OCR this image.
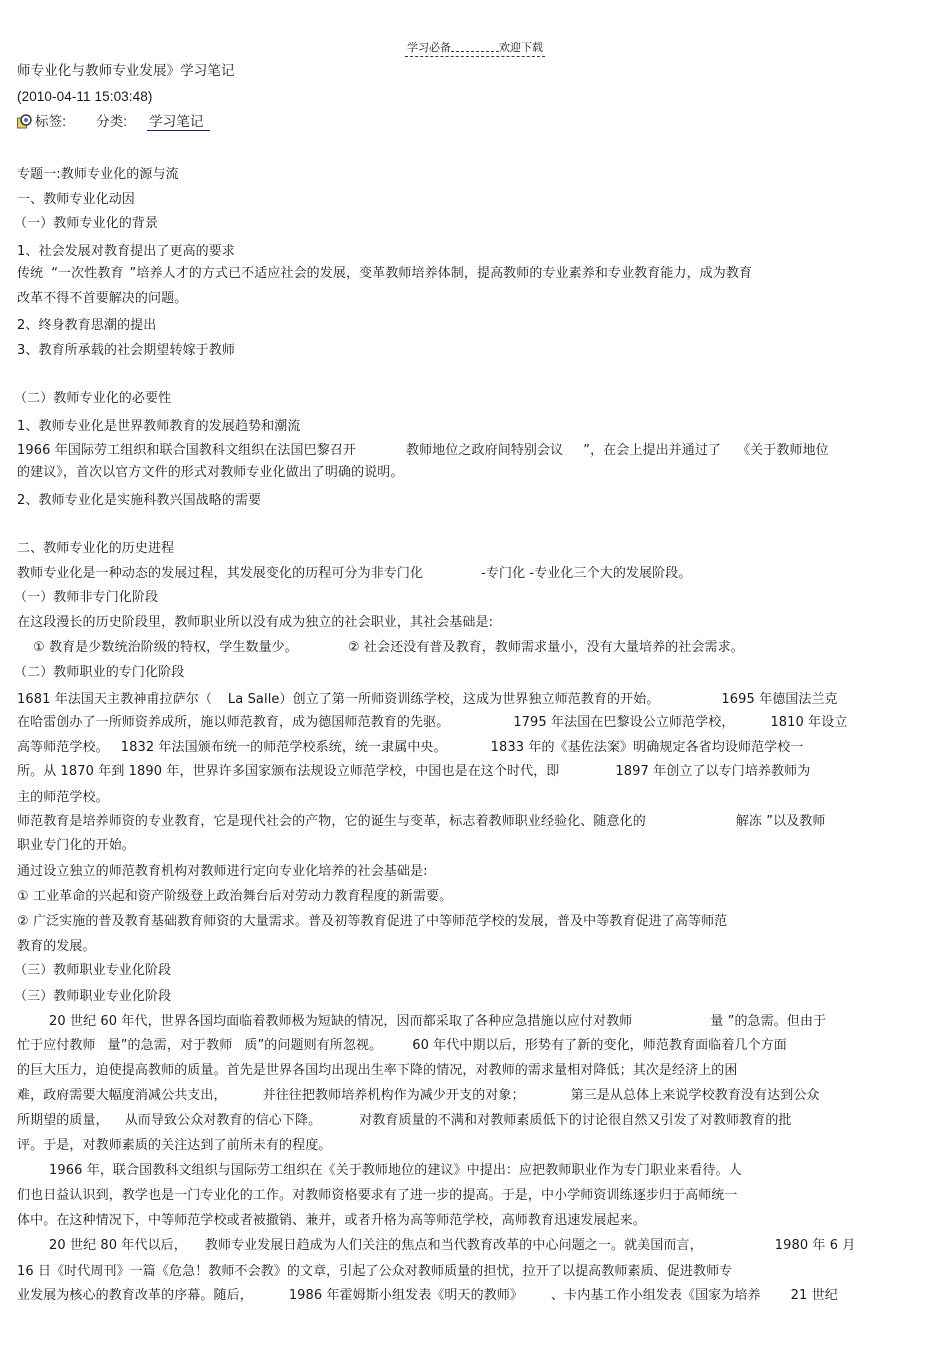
学习必备	欢迎下载
师专业化与教师专业发展》学习笔记
(2010-04-11 15:03:48)
标签: 分类: 学习笔记
专题一:教师专业化的源与流
一、教师专业化动因
（一）教师专业化的背景
1、社会发展对教育提出了更高的要求
传统 “一次性教育 ”培养人才的方式已不适应社会的发展，变革教师培养体制，提高教师的专业素养和专业教育能力，成为教育
改革不得不首要解决的问题。
2、终身教育思潮的提出
3、教育所承载的社会期望转嫁于教师
（二）教师专业化的必要性
1、教师专业化是世界教师教育的发展趋势和潮流
1966 年国际劳工组织和联合国教科文组织在法国巴黎召开	教师地位之政府间特别会议 ”，在会上提出并通过了 《关于教师地位
的建议》，首次以官方文件的形式对教师专业化做出了明确的说明。
2、教师专业化是实施科教兴国战略的需要
二、教师专业化的历史进程
教师专业化是一种动态的发展过程，其发展变化的历程可分为非专门化	-专门化 -专业化三个大的发展阶段。
（一）教师非专门化阶段
在这段漫长的历史阶段里，教师职业所以没有成为独立的社会职业，其社会基础是:
① 教育是少数统治阶级的特权，学生数量少。	② 社会还没有普及教育，教师需求量小，没有大量培养的社会需求。
（二）教师职业的专门化阶段
1681 年法国天主教神甫拉萨尔（ La Salle）创立了第一所师资训练学校，这成为世界独立师范教育的开始。	1695 年德国法兰克
在哈雷创办了一所师资养成所，施以师范教育，成为德国师范教育的先驱。	1795 年法国在巴黎设公立师范学校，	1810 年设立
高等师范学校。 1832 年法国颁布统一的师范学校系统，统一隶属中央。	1833 年的《基佐法案》明确规定各省均设师范学校一
所。从 1870 年到 1890 年，世界许多国家颁布法规设立师范学校，中国也是在这个时代，即	1897 年创立了以专门培养教师为
主的师范学校。
师范教育是培养师资的专业教育，它是现代社会的产物，它的诞生与变革，标志着教师职业经验化、随意化的	解冻 ”以及教师
职业专门化的开始。
通过设立独立的师范教育机构对教师进行定向专业化培养的社会基础是:
① 工业革命的兴起和资产阶级登上政治舞台后对劳动力教育程度的新需要。
② 广泛实施的普及教育基础教育师资的大量需求。普及初等教育促进了中等师范学校的发展，普及中等教育促进了高等师范
教育的发展。
（三）教师职业专业化阶段
（三）教师职业专业化阶段
20 世纪 60 年代，世界各国均面临着教师极为短缺的情况，因而都采取了各种应急措施以应付对教师	量 ”的急需。但由于
忙于应付教师 量”的急需，对于教师 质”的问题则有所忽视。 60 年代中期以后，形势有了新的变化，师范教育面临着几个方面
的巨大压力，迫使提高教师的质量。首先是世界各国均出现出生率下降的情况，对教师的需求量相对降低；其次是经济上的困
难，政府需要大幅度消减公共支出，	并往往把教师培养机构作为减少开支的对象；	第三是从总体上来说学校教育没有达到公众
所期望的质量， 从而导致公众对教育的信心下降。	对教育质量的不满和对教师素质低下的讨论很自然又引发了对教师教育的批
评。于是，对教师素质的关注达到了前所未有的程度。
1966 年，联合国教科文组织与国际劳工组织在《关于教师地位的建议》中提出：应把教师职业作为专门职业来看待。人
们也日益认识到，教学也是一门专业化的工作。对教师资格要求有了进一步的提高。于是，中小学师资训练逐步归于高师统一
体中。在这种情况下，中等师范学校或者被撤销、兼并，或者升格为高等师范学校，高师教育迅速发展起来。
20 世纪 80 年代以后， 教师专业发展日趋成为人们关注的焦点和当代教育改革的中心问题之一。就美国而言，	1980 年 6 月
16 日《时代周刊》一篇《危急！教师不会教》的文章，引起了公众对教师质量的担忧，拉开了以提高教师素质、促进教师专
业发展为核心的教育改革的序幕。随后，	1986 年霍姆斯小组发表《明天的教师》 、卡内基工作小组发表《国家为培养 21 世纪
